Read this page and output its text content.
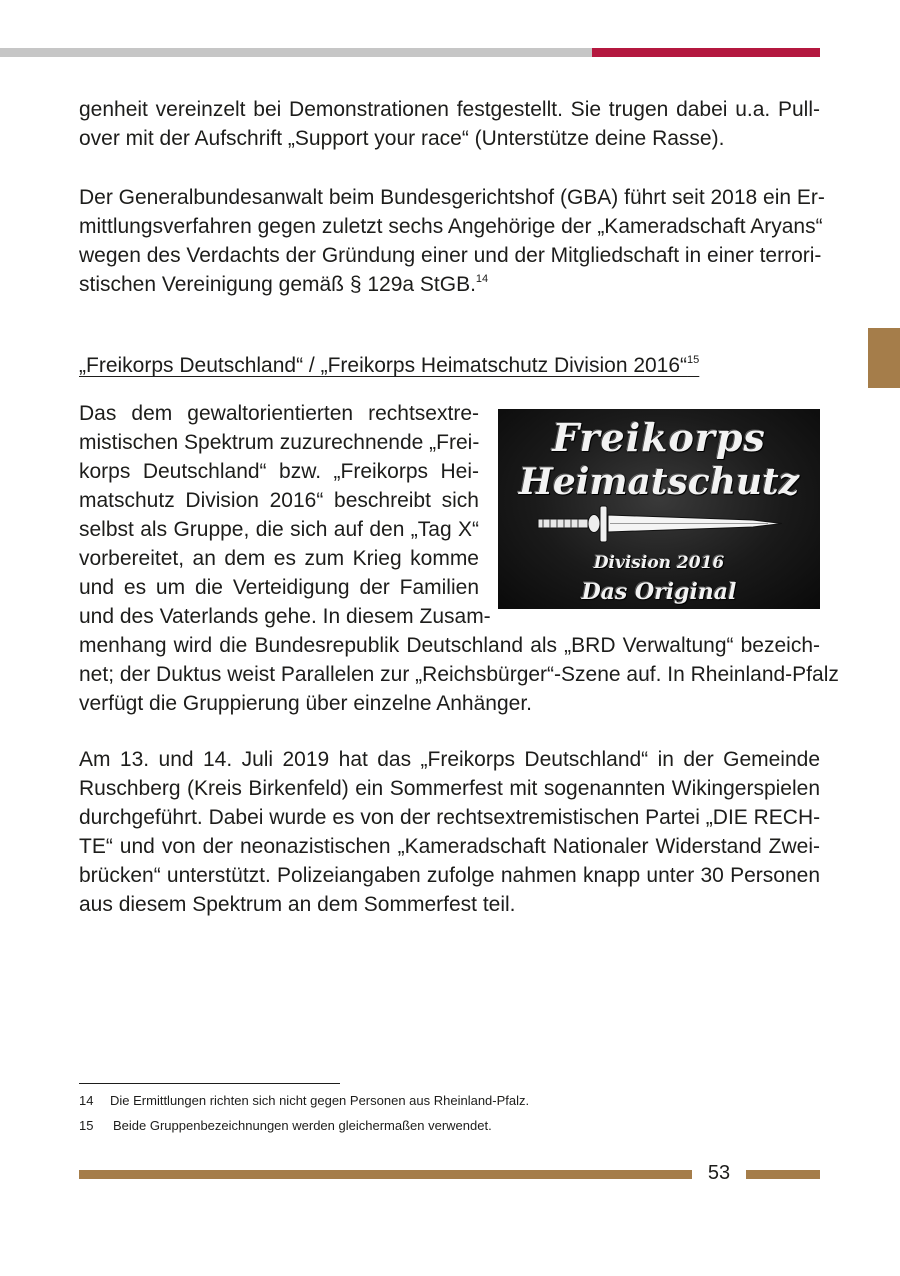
genheit vereinzelt bei Demonstrationen festgestellt. Sie trugen dabei u.a. Pull-
over mit der Aufschrift „Support your race“ (Unterstütze deine Rasse).
Der Generalbundesanwalt beim Bundesgerichtshof (GBA) führt seit 2018 ein Er-
mittlungsverfahren gegen zuletzt sechs Angehörige der „Kameradschaft Aryans“
wegen des Verdachts der Gründung einer und der Mitgliedschaft in einer terrori-
stischen Vereinigung gemäß § 129a StGB.$^{14}$
„Freikorps Deutschland“ / „Freikorps Heimatschutz Division 2016“$^{15}$
Freikorps
Heimatschutz
Division 2016
Das Original
Das dem gewaltorientierten rechtsextre-
mistischen Spektrum zuzurechnende „Frei-
korps Deutschland“ bzw. „Freikorps Hei-
matschutz Division 2016“ beschreibt sich
selbst als Gruppe, die sich auf den „Tag X“
vorbereitet, an dem es zum Krieg komme
und es um die Verteidigung der Familien
und des Vaterlands gehe. In diesem Zusam-
menhang wird die Bundesrepublik Deutschland als „BRD Verwaltung“ bezeich-
net; der Duktus weist Parallelen zur „Reichsbürger“-Szene auf. In Rheinland-Pfalz
verfügt die Gruppierung über einzelne Anhänger.
Am 13. und 14. Juli 2019 hat das „Freikorps Deutschland“ in der Gemeinde
Ruschberg (Kreis Birkenfeld) ein Sommerfest mit sogenannten Wikingerspielen
durchgeführt. Dabei wurde es von der rechtsextremistischen Partei „DIE RECH-
TE“ und von der neonazistischen „Kameradschaft Nationaler Widerstand Zwei-
brücken“ unterstützt. Polizeiangaben zufolge nahmen knapp unter 30 Personen
aus diesem Spektrum an dem Sommerfest teil.
14 Die Ermittlungen richten sich nicht gegen Personen aus Rheinland-Pfalz.
15 Beide Gruppenbezeichnungen werden gleichermaßen verwendet.
53
